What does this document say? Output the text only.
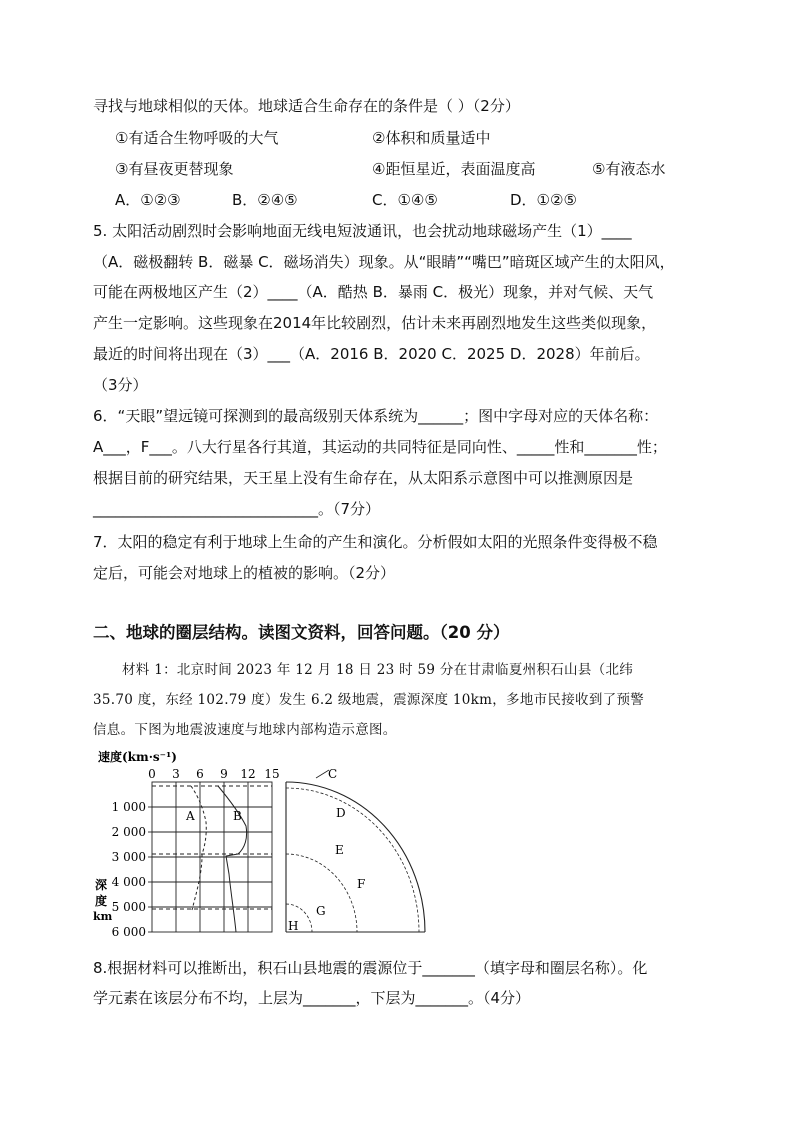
寻找与地球相似的天体。地球适合生命存在的条件是（ ）（2分）
①有适合生物呼吸的大气	②体积和质量适中
③有昼夜更替现象	④距恒星近，表面温度高	⑤有液态水
A．①②③	B．②④⑤	C．①④⑤	D．①②⑤
5. 太阳活动剧烈时会影响地面无线电短波通讯，也会扰动地球磁场产生（1）____
（A．磁极翻转 B．磁暴 C．磁场消失）现象。从“眼睛”“嘴巴”暗斑区域产生的太阳风，
可能在两极地区产生（2）____（A．酷热 B．暴雨 C．极光）现象，并对气候、天气
产生一定影响。这些现象在2014年比较剧烈，估计未来再剧烈地发生这些类似现象，
最近的时间将出现在（3）___（A．2016 B．2020 C．2025 D．2028）年前后。
（3分）
6．“天眼”望远镜可探测到的最高级别天体系统为______；图中字母对应的天体名称：
A___，F___。八大行星各行其道，其运动的共同特征是同向性、_____性和_______性；
根据目前的研究结果，天王星上没有生命存在，从太阳系示意图中可以推测原因是
______________________________。（7分）
7．太阳的稳定有利于地球上生命的产生和演化。分析假如太阳的光照条件变得极不稳
定后，可能会对地球上的植被的影响。（2分）
二、地球的圈层结构。读图文资料，回答问题。（20 分）
材料 1：北京时间 2023 年 12 月 18 日 23 时 59 分在甘肃临夏州积石山县（北纬
35.70 度，东经 102.79 度）发生 6.2 级地震，震源深度 10km，多地市民接收到了预警
信息。下图为地震波速度与地球内部构造示意图。
速度(km·s⁻¹)
0 3 6 9 12 15
1 000
2 000
3 000
4 000
5 000
6 000
深
度
km
A	B
C
D
E
F
G
H
8.根据材料可以推断出，积石山县地震的震源位于_______（填字母和圈层名称）。化
学元素在该层分布不均，上层为_______，下层为_______。（4分）
